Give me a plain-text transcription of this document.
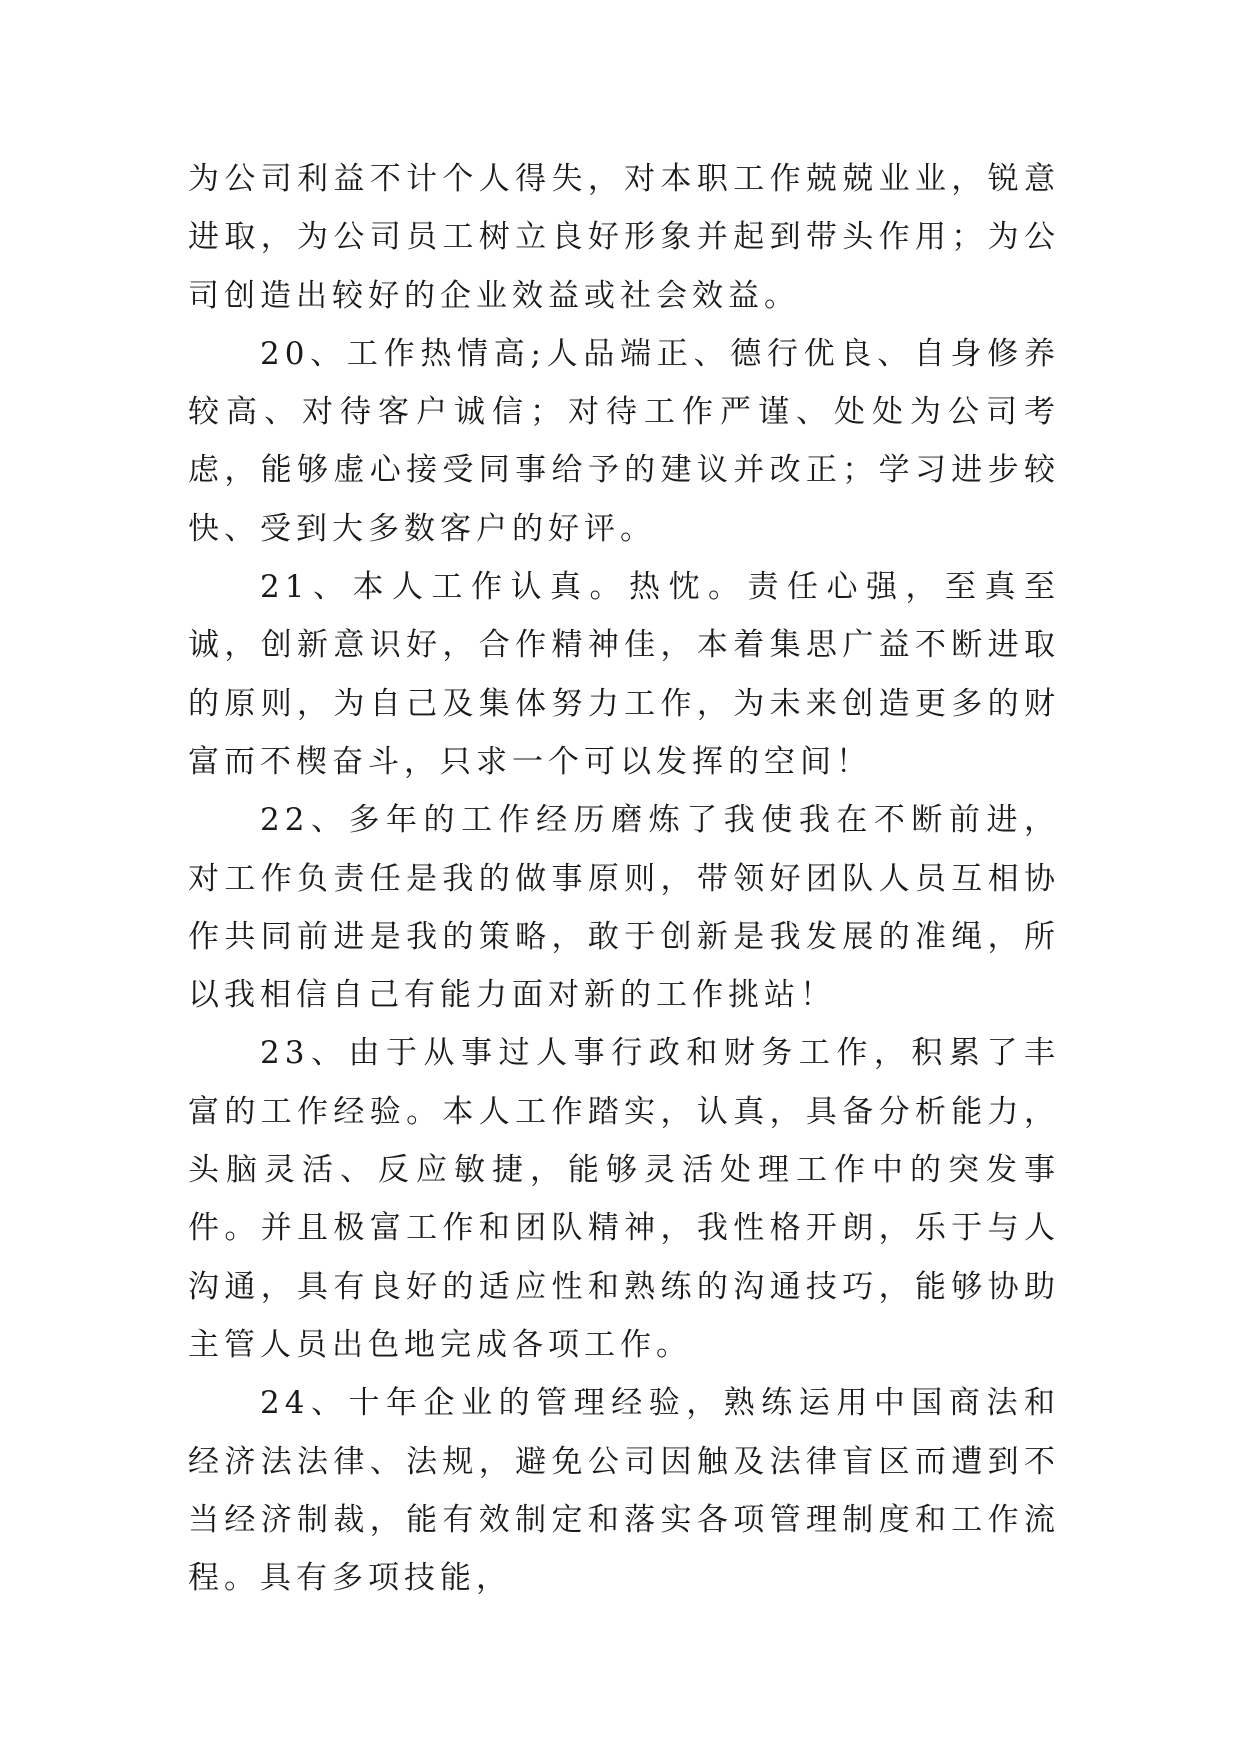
为公司利益不计个人得失，对本职工作兢兢业业，锐意进取，为公司员工树立良好形象并起到带头作用；为公司创造出较好的企业效益或社会效益。

20、工作热情高;人品端正、德行优良、自身修养较高、对待客户诚信；对待工作严谨、处处为公司考虑，能够虚心接受同事给予的建议并改正；学习进步较快、受到大多数客户的好评。

21、本人工作认真。热忱。责任心强，至真至诚，创新意识好，合作精神佳，本着集思广益不断进取的原则，为自己及集体努力工作，为未来创造更多的财富而不楔奋斗，只求一个可以发挥的空间！

22、多年的工作经历磨炼了我使我在不断前进，对工作负责任是我的做事原则，带领好团队人员互相协作共同前进是我的策略，敢于创新是我发展的准绳，所以我相信自己有能力面对新的工作挑站！

23、由于从事过人事行政和财务工作，积累了丰富的工作经验。本人工作踏实，认真，具备分析能力，头脑灵活、反应敏捷，能够灵活处理工作中的突发事件。并且极富工作和团队精神，我性格开朗，乐于与人沟通，具有良好的适应性和熟练的沟通技巧，能够协助主管人员出色地完成各项工作。

24、十年企业的管理经验，熟练运用中国商法和经济法法律、法规，避免公司因触及法律盲区而遭到不当经济制裁，能有效制定和落实各项管理制度和工作流程。具有多项技能，
